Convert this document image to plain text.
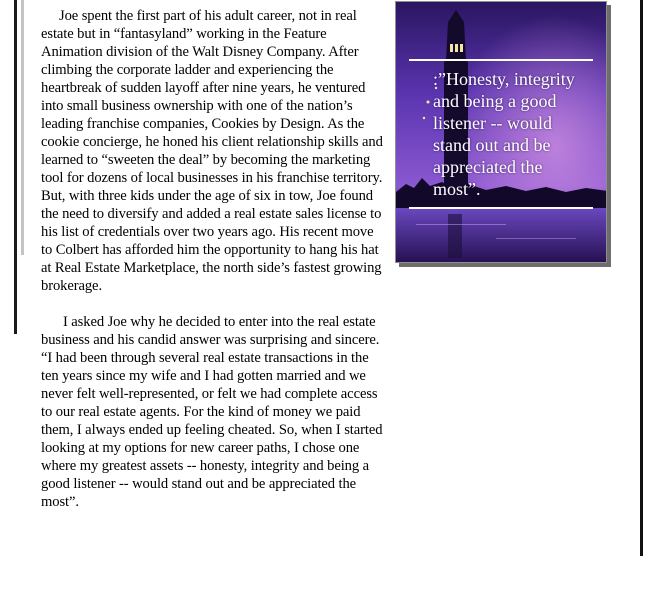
Joe spent the first part of his adult career, not in real estate but in “fantasyland” working in the Feature Animation division of the Walt Disney Company. After climbing the corporate ladder and experiencing the heartbreak of sudden layoff after nine years, he ventured into small business ownership with one of the nation’s leading franchise companies, Cookies by Design. As the cookie concierge, he honed his client relationship skills and learned to “sweeten the deal” by becoming the marketing tool for dozens of local businesses in his franchise territory. But, with three kids under the age of six in tow, Joe found the need to diversify and added a real estate sales license to his list of credentials over two years ago. His recent move to Colbert has afforded him the opportunity to hang his hat at Real Estate Marketplace, the north side’s fastest growing brokerage.

I asked Joe why he decided to enter into the real estate business and his candid answer was surprising and sincere. “I had been through several real estate transactions in the ten years since my wife and I had gotten married and we never felt well-represented, or felt we had complete access to our real estate agents. For the kind of money we paid them, I always ended up feeling cheated. So, when I started looking at my options for new career paths, I chose one where my greatest assets -- honesty, integrity and being a good listener -- would stand out and be appreciated the most”.

:”Honesty, integrity and being a good listener -- would stand out and be appreciated the most”.
